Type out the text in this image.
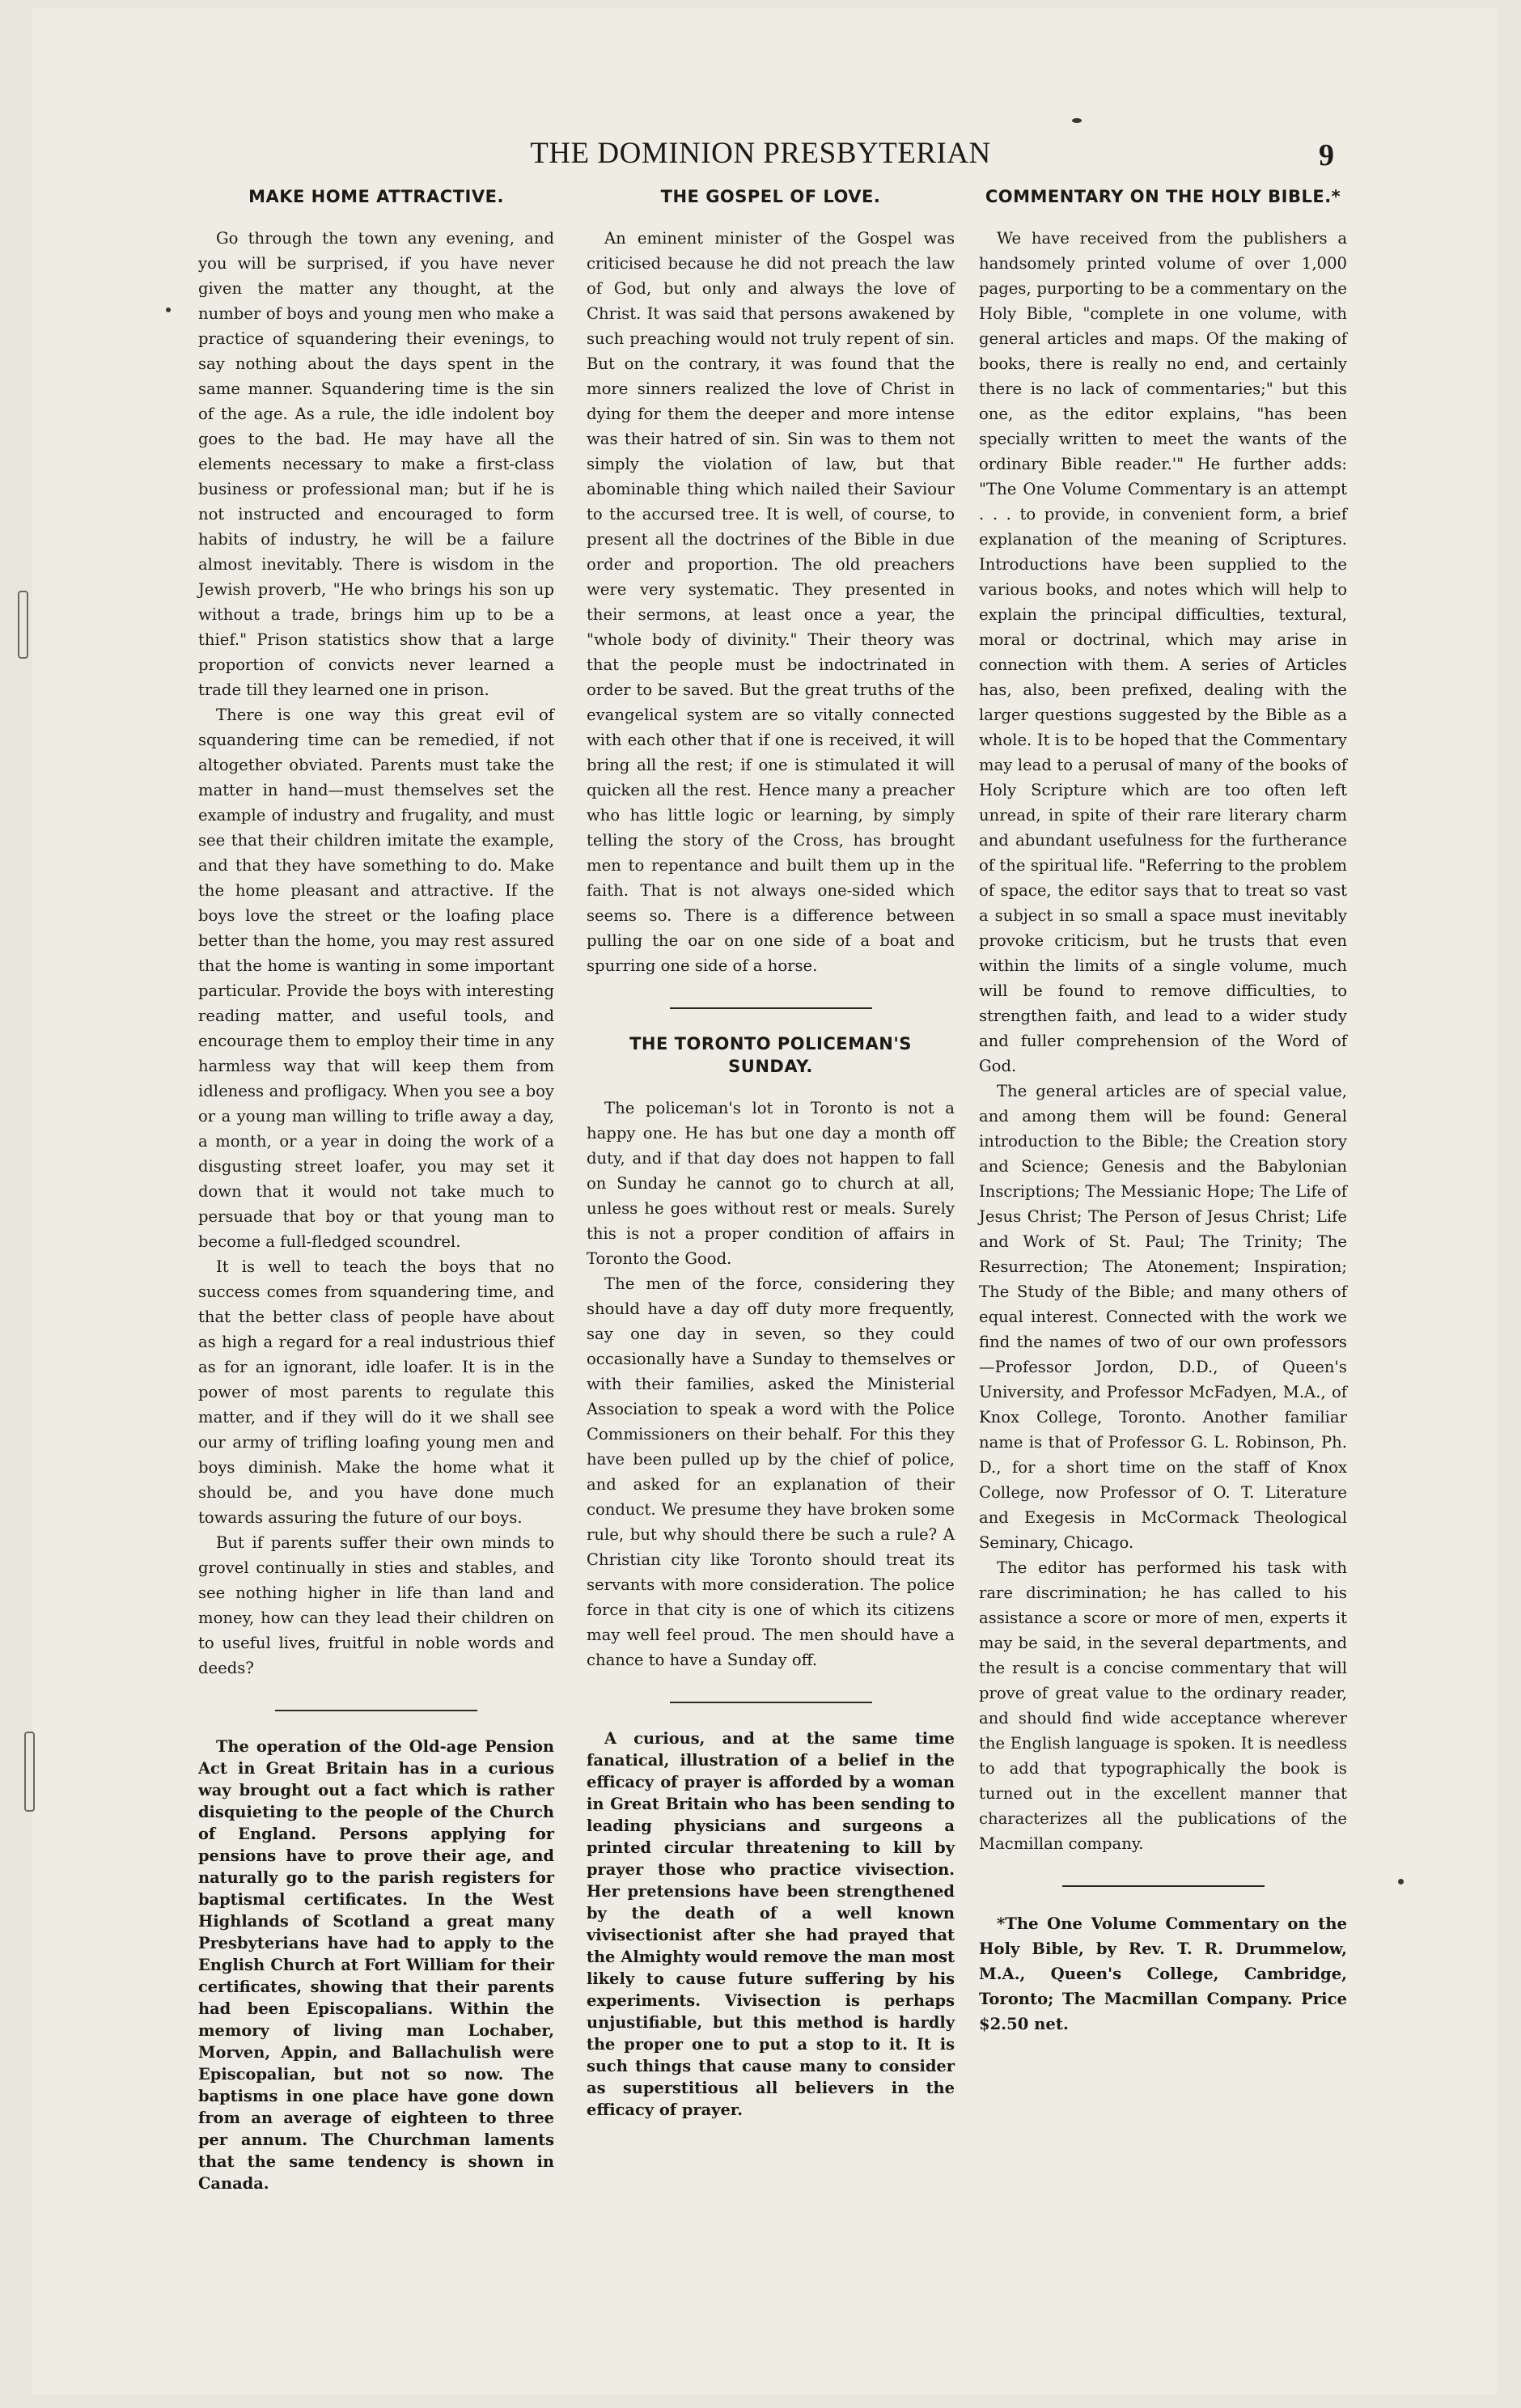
THE DOMINION PRESBYTERIAN	9
MAKE HOME ATTRACTIVE.

Go through the town any evening, and you will be surprised, if you have never given the matter any thought, at the number of boys and young men who make a practice of squandering their evenings, to say nothing about the days spent in the same manner. Squandering time is the sin of the age. As a rule, the idle indolent boy goes to the bad. He may have all the elements necessary to make a first-class business or professional man; but if he is not instructed and encouraged to form habits of industry, he will be a failure almost inevitably. There is wisdom in the Jewish proverb, "He who brings his son up without a trade, brings him up to be a thief." Prison statistics show that a large proportion of convicts never learned a trade till they learned one in prison.

There is one way this great evil of squandering time can be remedied, if not altogether obviated. Parents must take the matter in hand—must themselves set the example of industry and frugality, and must see that their children imitate the example, and that they have something to do. Make the home pleasant and attractive. If the boys love the street or the loafing place better than the home, you may rest assured that the home is wanting in some important particular. Provide the boys with interesting reading matter, and useful tools, and encourage them to employ their time in any harmless way that will keep them from idleness and profligacy. When you see a boy or a young man willing to trifle away a day, a month, or a year in doing the work of a disgusting street loafer, you may set it down that it would not take much to persuade that boy or that young man to become a full-fledged scoundrel.

It is well to teach the boys that no success comes from squandering time, and that the better class of people have about as high a regard for a real industrious thief as for an ignorant, idle loafer. It is in the power of most parents to regulate this matter, and if they will do it we shall see our army of trifling loafing young men and boys diminish. Make the home what it should be, and you have done much towards assuring the future of our boys.

But if parents suffer their own minds to grovel continually in sties and stables, and see nothing higher in life than land and money, how can they lead their children on to useful lives, fruitful in noble words and deeds?

The operation of the Old-age Pension Act in Great Britain has in a curious way brought out a fact which is rather disquieting to the people of the Church of England. Persons applying for pensions have to prove their age, and naturally go to the parish registers for baptismal certificates. In the West Highlands of Scotland a great many Presbyterians have had to apply to the English Church at Fort William for their certificates, showing that their parents had been Episcopalians. Within the memory of living man Lochaber, Morven, Appin, and Ballachulish were Episcopalian, but not so now. The baptisms in one place have gone down from an average of eighteen to three per annum. The Churchman laments that the same tendency is shown in Canada.

THE GOSPEL OF LOVE.

An eminent minister of the Gospel was criticised because he did not preach the law of God, but only and always the love of Christ. It was said that persons awakened by such preaching would not truly repent of sin. But on the contrary, it was found that the more sinners realized the love of Christ in dying for them the deeper and more intense was their hatred of sin. Sin was to them not simply the violation of law, but that abominable thing which nailed their Saviour to the accursed tree. It is well, of course, to present all the doctrines of the Bible in due order and proportion. The old preachers were very systematic. They presented in their sermons, at least once a year, the "whole body of divinity." Their theory was that the people must be indoctrinated in order to be saved. But the great truths of the evangelical system are so vitally connected with each other that if one is received, it will bring all the rest; if one is stimulated it will quicken all the rest. Hence many a preacher who has little logic or learning, by simply telling the story of the Cross, has brought men to repentance and built them up in the faith. That is not always one-sided which seems so. There is a difference between pulling the oar on one side of a boat and spurring one side of a horse.

THE TORONTO POLICEMAN'S SUNDAY.

The policeman's lot in Toronto is not a happy one. He has but one day a month off duty, and if that day does not happen to fall on Sunday he cannot go to church at all, unless he goes without rest or meals. Surely this is not a proper condition of affairs in Toronto the Good.

The men of the force, considering they should have a day off duty more frequently, say one day in seven, so they could occasionally have a Sunday to themselves or with their families, asked the Ministerial Association to speak a word with the Police Commissioners on their behalf. For this they have been pulled up by the chief of police, and asked for an explanation of their conduct. We presume they have broken some rule, but why should there be such a rule? A Christian city like Toronto should treat its servants with more consideration. The police force in that city is one of which its citizens may well feel proud. The men should have a chance to have a Sunday off.

A curious, and at the same time fanatical, illustration of a belief in the efficacy of prayer is afforded by a woman in Great Britain who has been sending to leading physicians and surgeons a printed circular threatening to kill by prayer those who practice vivisection. Her pretensions have been strengthened by the death of a well known vivisectionist after she had prayed that the Almighty would remove the man most likely to cause future suffering by his experiments. Vivisection is perhaps unjustifiable, but this method is hardly the proper one to put a stop to it. It is such things that cause many to consider as superstitious all believers in the efficacy of prayer.

COMMENTARY ON THE HOLY BIBLE.*

We have received from the publishers a handsomely printed volume of over 1,000 pages, purporting to be a commentary on the Holy Bible, "complete in one volume, with general articles and maps. Of the making of books, there is really no end, and certainly there is no lack of commentaries;" but this one, as the editor explains, "has been specially written to meet the wants of the ordinary Bible reader.'" He further adds: "The One Volume Commentary is an attempt . . . to provide, in convenient form, a brief explanation of the meaning of Scriptures. Introductions have been supplied to the various books, and notes which will help to explain the principal difficulties, textural, moral or doctrinal, which may arise in connection with them. A series of Articles has, also, been prefixed, dealing with the larger questions suggested by the Bible as a whole. It is to be hoped that the Commentary may lead to a perusal of many of the books of Holy Scripture which are too often left unread, in spite of their rare literary charm and abundant usefulness for the furtherance of the spiritual life. "Referring to the problem of space, the editor says that to treat so vast a subject in so small a space must inevitably provoke criticism, but he trusts that even within the limits of a single volume, much will be found to remove difficulties, to strengthen faith, and lead to a wider study and fuller comprehension of the Word of God.

The general articles are of special value, and among them will be found: General introduction to the Bible; the Creation story and Science; Genesis and the Babylonian Inscriptions; The Messianic Hope; The Life of Jesus Christ; The Person of Jesus Christ; Life and Work of St. Paul; The Trinity; The Resurrection; The Atonement; Inspiration; The Study of the Bible; and many others of equal interest. Connected with the work we find the names of two of our own professors—Professor Jordon, D.D., of Queen's University, and Professor McFadyen, M.A., of Knox College, Toronto. Another familiar name is that of Professor G. L. Robinson, Ph. D., for a short time on the staff of Knox College, now Professor of O. T. Literature and Exegesis in McCormack Theological Seminary, Chicago.

The editor has performed his task with rare discrimination; he has called to his assistance a score or more of men, experts it may be said, in the several departments, and the result is a concise commentary that will prove of great value to the ordinary reader, and should find wide acceptance wherever the English language is spoken. It is needless to add that typographically the book is turned out in the excellent manner that characterizes all the publications of the Macmillan company.

*The One Volume Commentary on the Holy Bible, by Rev. T. R. Drummelow, M.A., Queen's College, Cambridge, Toronto; The Macmillan Company. Price $2.50 net.
